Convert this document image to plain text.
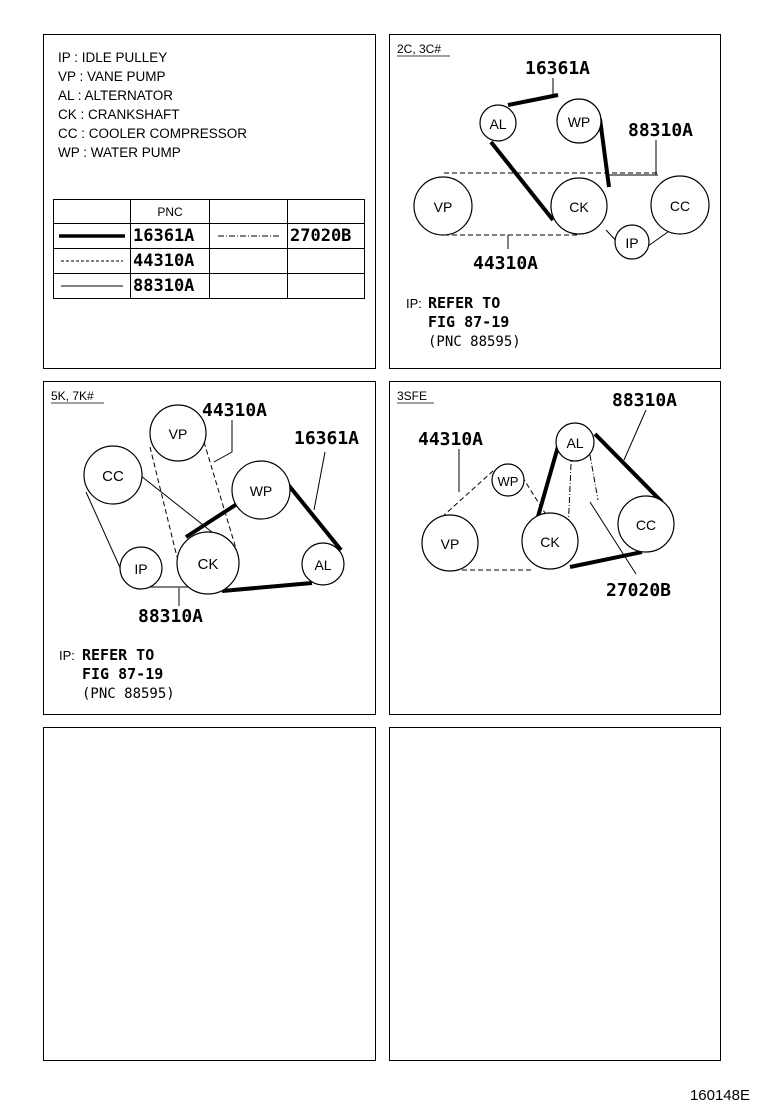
IP : IDLE PULLEY
VP : VANE PUMP
AL : ALTERNATOR
CK : CRANKSHAFT
CC : COOLER COMPRESSOR
WP : WATER PUMP
	PNC		

	16361A		27020B

	44310A		

	88310A		
2C, 3C#
AL	WP
VP	CK	CC
IP
16361A
88310A
44310A
IP: REFER TO
FIG 87-19
(PNC 88595)
5K, 7K#
VP
CC
WP
IP	CK	AL
44310A
16361A
88310A
IP: REFER TO
FIG 87-19
(PNC 88595)
3SFE
AL
WP
VP	CK
CC
88310A
44310A
27020B
160148E
